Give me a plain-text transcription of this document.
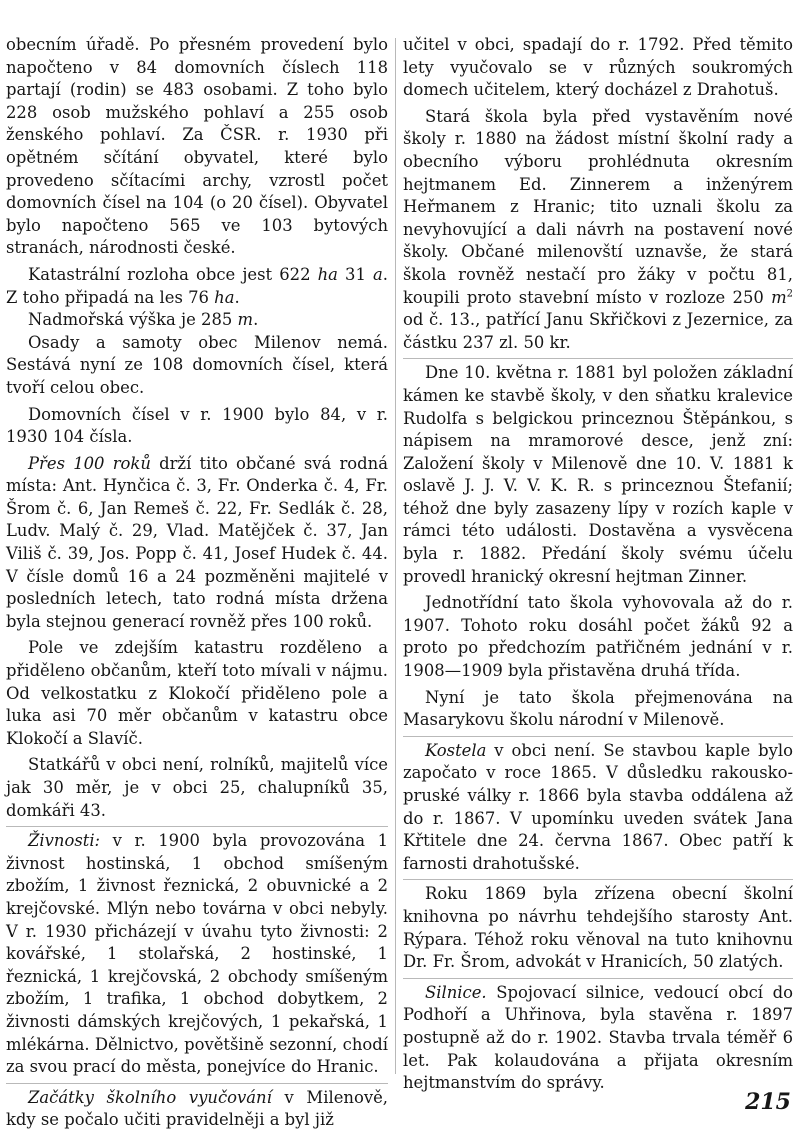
obecním úřadě. Po přesném provedení bylo napočteno v 84 domovních číslech 118 partají (rodin) se 483 osobami. Z toho bylo 228 osob mužského pohlaví a 255 osob ženského pohlaví. Za ČSR. r. 1930 při opětném sčítání obyvatel, které bylo provedeno sčítacími archy, vzrostl počet domovních čísel na 104 (o 20 čísel). Obyvatel bylo napočteno 565 ve 103 bytových stranách, národnosti české.

Katastrální rozloha obce jest 622 ha 31 a. Z toho připadá na les 76 ha.

Nadmořská výška je 285 m.

Osady a samoty obec Milenov nemá. Sestává nyní ze 108 domovních čísel, která tvoří celou obec.

Domovních čísel v r. 1900 bylo 84, v r. 1930 104 čísla.

Přes 100 roků drží tito občané svá rodná místa: Ant. Hynčica č. 3, Fr. Onderka č. 4, Fr. Šrom č. 6, Jan Remeš č. 22, Fr. Sedlák č. 28, Ludv. Malý č. 29, Vlad. Matějček č. 37, Jan Viliš č. 39, Jos. Popp č. 41, Josef Hudek č. 44. V čísle domů 16 a 24 pozměněni majitelé v posledních letech, tato rodná místa držena byla stejnou generací rovněž přes 100 roků.

Pole ve zdejším katastru rozděleno a přiděleno občanům, kteří toto mívali v nájmu. Od velkostatku z Klokočí přiděleno pole a luka asi 70 měr občanům v katastru obce Klokočí a Slavíč.

Statkářů v obci není, rolníků, majitelů více jak 30 měr, je v obci 25, chalupníků 35, domkáři 43.

Živnosti: v r. 1900 byla provozována 1 živnost hostinská, 1 obchod smíšeným zbožím, 1 živnost řeznická, 2 obuvnické a 2 krejčovské. Mlýn nebo továrna v obci nebyly. V r. 1930 přicházejí v úvahu tyto živnosti: 2 kovářské, 1 stolařská, 2 hostinské, 1 řeznická, 1 krejčovská, 2 obchody smíšeným zbožím, 1 trafika, 1 obchod dobytkem, 2 živnosti dámských krejčových, 1 pekařská, 1 mlékárna. Dělnictvo, povětšině sezonní, chodí za svou prací do města, ponejvíce do Hranic.

Začátky školního vyučování v Milenově, kdy se počalo učiti pravidelněji a byl již

učitel v obci, spadají do r. 1792. Před těmito lety vyučovalo se v různých soukromých domech učitelem, který docházel z Drahotuš.

Stará škola byla před vystavěním nové školy r. 1880 na žádost místní školní rady a obecního výboru prohlédnuta okresním hejtmanem Ed. Zinnerem a inženýrem Heřmanem z Hranic; tito uznali školu za nevyhovující a dali návrh na postavení nové školy. Občané milenovští uznavše, že stará škola rovněž nestačí pro žáky v počtu 81, koupili proto stavební místo v rozloze 250 $m^2$ od č. 13., patřící Janu Skřičkovi z Jezernice, za částku 237 zl. 50 kr.

Dne 10. května r. 1881 byl položen základní kámen ke stavbě školy, v den sňatku kralevice Rudolfa s belgickou princeznou Štěpánkou, s nápisem na mramorové desce, jenž zní: Založení školy v Milenově dne 10. V. 1881 k oslavě J. J. V. V. K. R. s princeznou Štefanií; téhož dne byly zasazeny lípy v rozích kaple v rámci této události. Dostavěna a vysvěcena byla r. 1882. Předání školy svému účelu provedl hranický okresní hejtman Zinner.

Jednotřídní tato škola vyhovovala až do r. 1907. Tohoto roku dosáhl počet žáků 92 a proto po předchozím patřičném jednání v r. 1908—1909 byla přistavěna druhá třída.

Nyní je tato škola přejmenována na Masarykovu školu národní v Milenově.

Kostela v obci není. Se stavbou kaple bylo započato v roce 1865. V důsledku rakousko-pruské války r. 1866 byla stavba oddálena až do r. 1867. V upomínku uveden svátek Jana Křtitele dne 24. června 1867. Obec patří k farnosti drahotušské.

Roku 1869 byla zřízena obecní školní knihovna po návrhu tehdejšího starosty Ant. Rýpara. Téhož roku věnoval na tuto knihovnu Dr. Fr. Šrom, advokát v Hranicích, 50 zlatých.

Silnice. Spojovací silnice, vedoucí obcí do Podhoří a Uhřinova, byla stavěna r. 1897 postupně až do r. 1902. Stavba trvala téměř 6 let. Pak kolaudována a přijata okresním hejtmanstvím do správy.

215
